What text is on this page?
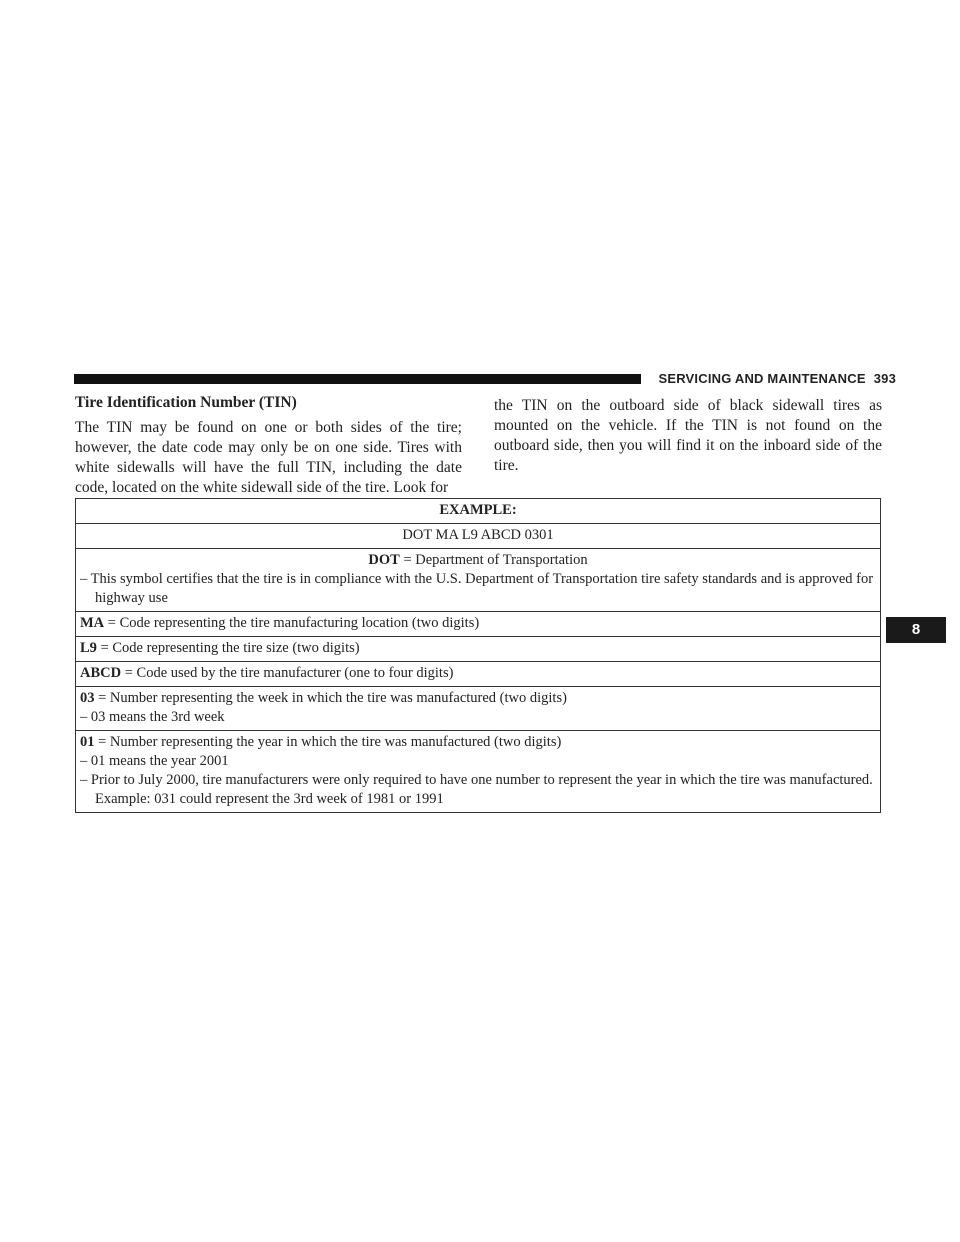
SERVICING AND MAINTENANCE 393
8
Tire Identification Number (TIN)
The TIN may be found on one or both sides of the tire; however, the date code may only be on one side. Tires with white sidewalls will have the full TIN, including the date code, located on the white sidewall side of the tire. Look for
the TIN on the outboard side of black sidewall tires as mounted on the vehicle. If the TIN is not found on the outboard side, then you will find it on the inboard side of the tire.
EXAMPLE:
DOT MA L9 ABCD 0301

DOT = Department of Transportation
– This symbol certifies that the tire is in compliance with the U.S. Department of Transportation tire safety standards and is approved for highway use

MA = Code representing the tire manufacturing location (two digits)
L9 = Code representing the tire size (two digits)
ABCD = Code used by the tire manufacturer (one to four digits)

03 = Number representing the week in which the tire was manufactured (two digits)
– 03 means the 3rd week

01 = Number representing the year in which the tire was manufactured (two digits)
– 01 means the year 2001
– Prior to July 2000, tire manufacturers were only required to have one number to represent the year in which the tire was manufactured. Example: 031 could represent the 3rd week of 1981 or 1991
